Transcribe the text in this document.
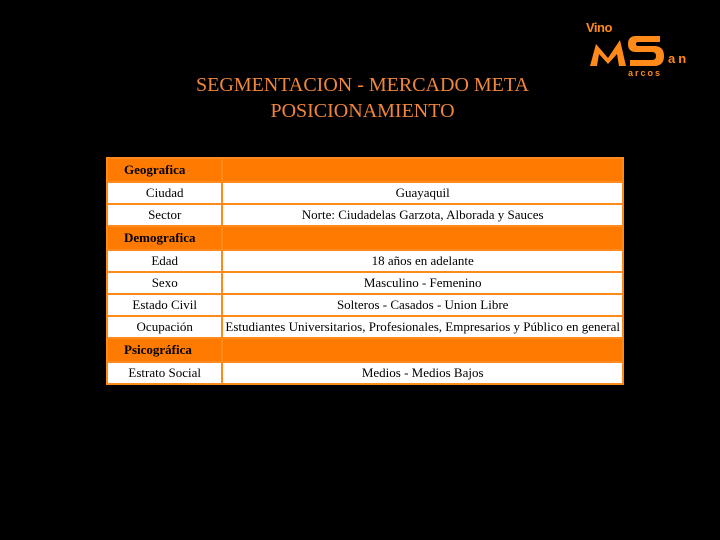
SEGMENTACION - MERCADO META
POSICIONAMIENTO
Vino
an
arcos
Geografica	
Ciudad	Guayaquil
Sector	Norte: Ciudadelas Garzota, Alborada y Sauces
Demografica	
Edad	18 años en adelante
Sexo	Masculino - Femenino
Estado Civil	Solteros - Casados - Union Libre
Ocupación	Estudiantes Universitarios, Profesionales, Empresarios y Público en general
Psicográfica	
Estrato Social	Medios - Medios Bajos
